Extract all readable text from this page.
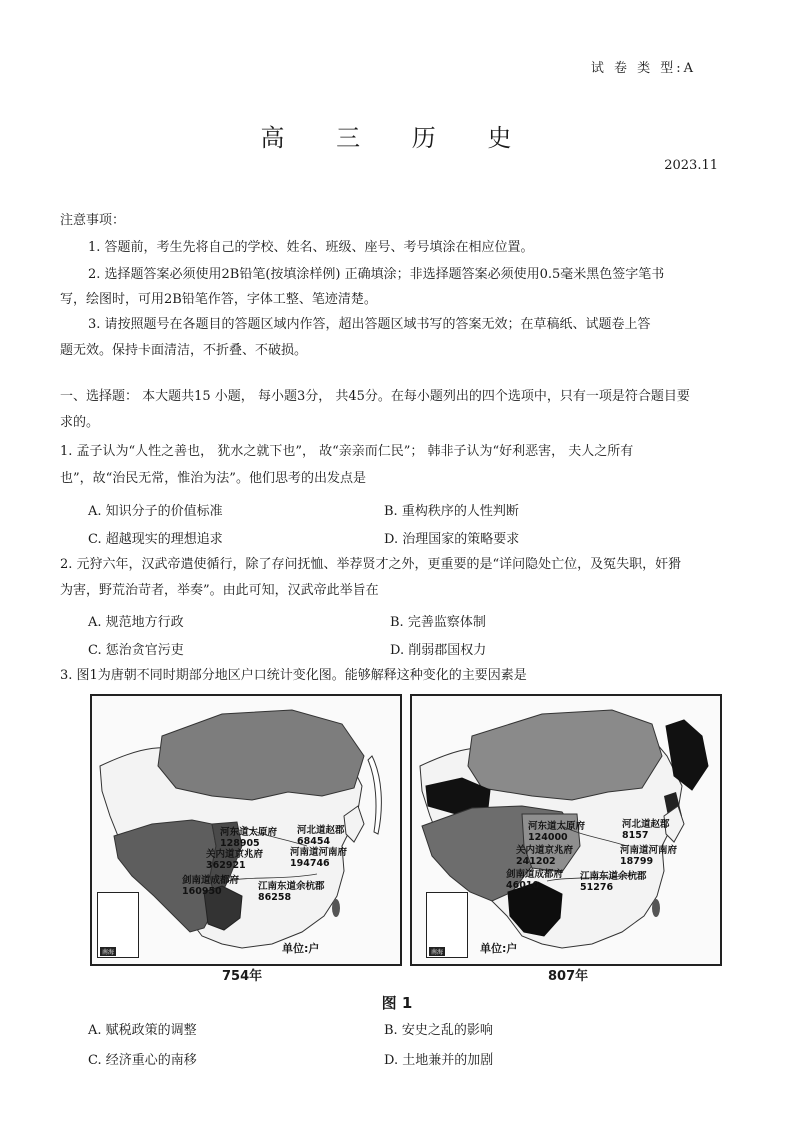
试 卷 类 型:A
高 三 历 史
2023.11
注意事项：
1. 答题前，考生先将自己的学校、姓名、班级、座号、考号填涂在相应位置。
2. 选择题答案必须使用2B铅笔(按填涂样例) 正确填涂；非选择题答案必须使用0.5毫米黑色签字笔书
写，绘图时，可用2B铅笔作答，字体工整、笔迹清楚。
3. 请按照题号在各题目的答题区域内作答，超出答题区域书写的答案无效；在草稿纸、试题卷上答
题无效。保持卡面清洁，不折叠、不破损。
一、选择题： 本大题共15 小题， 每小题3分， 共45分。在每小题列出的四个选项中，只有一项是符合题目要
求的。
1. 孟子认为“人性之善也， 犹水之就下也”， 故“亲亲而仁民”； 韩非子认为“好利恶害， 夫人之所有
也”，故“治民无常，惟治为法”。他们思考的出发点是
A. 知识分子的价值标准	B. 重构秩序的人性判断
C. 超越现实的理想追求	D. 治理国家的策略要求
2. 元狩六年，汉武帝遣使循行，除了存问抚恤、举荐贤才之外，更重要的是“详问隐处亡位，及冤失职，奸猾
为害，野荒治苛者，举奏”。由此可知，汉武帝此举旨在
A. 规范地方行政	B. 完善监察体制
C. 惩治贪官污吏	D. 削弱郡国权力
3. 图1为唐朝不同时期部分地区户口统计变化图。能够解释这种变化的主要因素是
河东道太原府
128905
河北道赵郡
68454
关内道京兆府
362921
河南道河南府
194746
剑南道成都府
160950	江南东道余杭郡
86258
南海	单位:户
754年
河东道太原府
124000
河北道赵郡
8157
关内道京兆府
241202
河南道河南府
18799
剑南道成都府
46010
江南东道余杭郡
51276
南海	单位:户
807年
图 1
A. 赋税政策的调整	B. 安史之乱的影响
C. 经济重心的南移	D. 土地兼并的加剧
